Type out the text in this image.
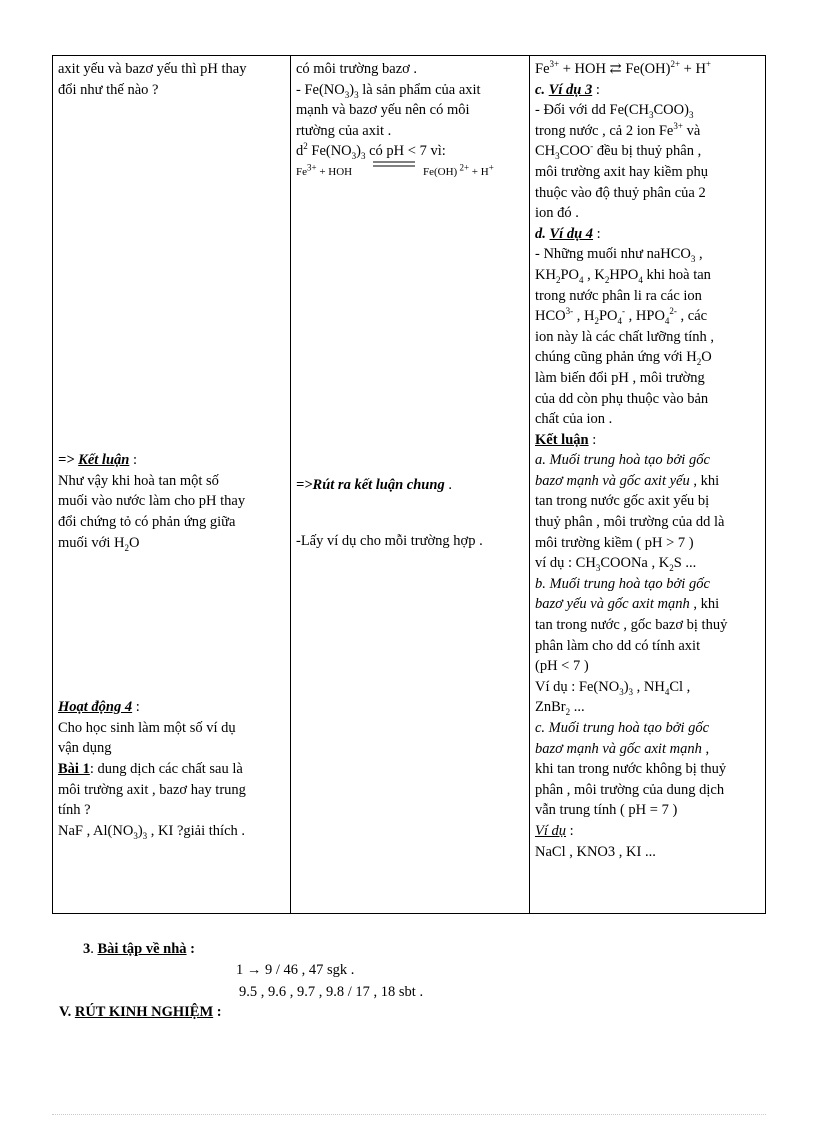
axit yếu và bazơ yếu thì pH thay
đổi như thế nào ?
=> Kết luận :
Như vậy khi hoà tan một số
muối vào nước làm cho pH thay
đổi chứng tỏ có phản ứng giữa
muối với $H_2O$
Hoạt động 4 :
Cho học sinh làm một số ví dụ
vận dụng
Bài 1: dung dịch các chất sau là
môi trường axit , bazơ hay trung
tính ?
NaF , $Al(NO_3)_3$ , KI ?giải thích .
có môi trường bazơ .
- $Fe(NO_3)_3$ là sản phẩm của axit
mạnh và bazơ yếu nên có môi
rtường của axit .
$d^2$ $Fe(NO_3)_3$ có pH < 7 vì:
$Fe^{3+}$ + HOH	Fe(OH) $^{2+}$ + H+
=>Rút ra kết luận chung .
-Lấy ví dụ cho mỗi trường hợp .
$Fe^{3+}$ + HOH ⇄ Fe(OH)$^{2+}$ + H+
c. Ví dụ 3 :
- Đối với dd $Fe(CH_3COO)_3$
trong nước , cả 2 ion $Fe^{3+}$ và
$CH_3COO^-$ đều bị thuỷ phân ,
môi trường axit hay kiềm phụ
thuộc vào độ thuỷ phân của 2
ion đó .
d. Ví dụ 4 :
- Những muối như naHCO$_3$ ,
$KH_2PO_4$ , $K_2HPO_4$ khi hoà tan
trong nước phân li ra các ion
$HCO^{3-}$ , $H_2PO_4^-$ , $HPO_4^{2-}$ , các
ion này là các chất lưỡng tính ,
chúng cũng phản ứng với $H_2O$
làm biến đổi pH , môi trường
của dd còn phụ thuộc vào bản
chất của ion .
Kết luận :
a. Muối trung hoà tạo bởi gốc
bazơ mạnh và gốc axit yếu , khi
tan trong nước gốc axit yếu bị
thuỷ phân , môi trường của dd là
môi trường kiềm ( pH > 7 )
ví dụ : $CH_3COONa$ , $K_2S$ ...
b. Muối trung hoà tạo bởi gốc
bazơ yếu và gốc axit mạnh , khi
tan trong nước , gốc bazơ bị thuỷ
phân làm cho dd có tính axit
(pH < 7 )
Ví dụ : $Fe(NO_3)_3$ , $NH_4Cl$ ,
ZnBr$_2$ ...
c. Muối trung hoà tạo bởi gốc
bazơ mạnh và gốc axit mạnh ,
khi tan trong nước không bị thuỷ
phân , môi trường của dung dịch
vẫn trung tính ( pH = 7 )
Ví dụ :
NaCl , KNO3 , KI ...
3. Bài tập về nhà :
1 → 9 / 46 , 47 sgk .
9.5 , 9.6 , 9.7 , 9.8 / 17 , 18 sbt .
V. RÚT KINH NGHIỆM :
